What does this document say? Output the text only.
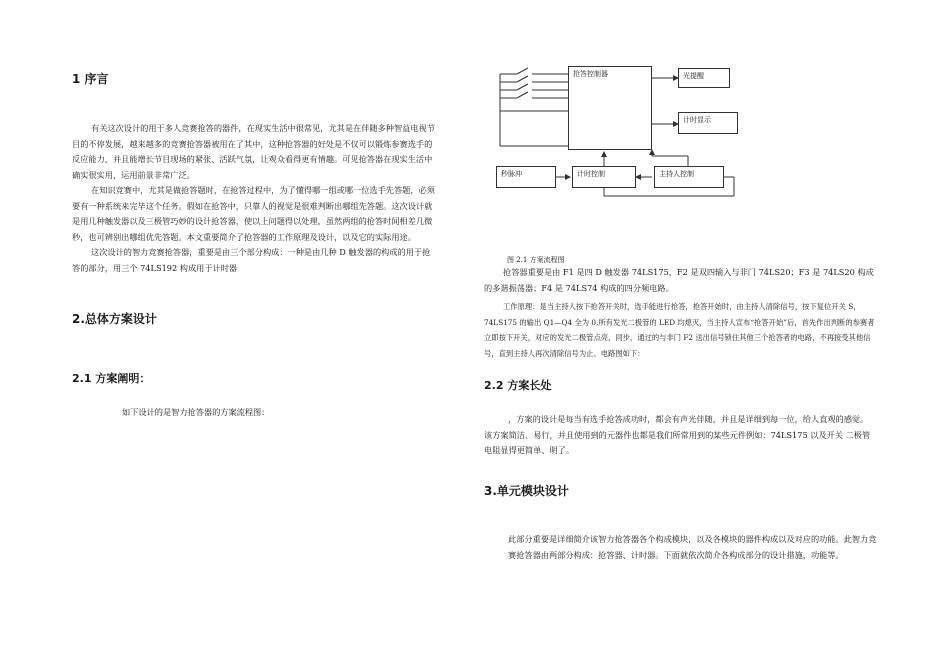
1 序言

有关这次设计的用于多人竞赛抢答的器件，在现实生活中很常见，尤其是在伴随多种智益电视节目的不停发展，越来越多的竞赛抢答器被用在了其中，这种抢答器的好处是不仅可以锻炼参赛选手的反应能力，并且能增长节目现场的紧张、活跃气氛，让观众看得更有情趣。可见抢答器在现实生活中确实很实用，运用前景非常广泛。

在知识竞赛中，尤其是做抢答题时，在抢答过程中，为了懂得哪一组或哪一位选手先答题，必须要有一种系统来完毕这个任务。假如在抢答中，只靠人的视觉是很难判断出哪组先答题。这次设计就是用几种触发器以及三极管巧妙的设计抢答器，使以上问题得以处理，虽然两组的抢答时间相差几微秒，也可辨别出哪组优先答题。本文重要简介了抢答器的工作原理及设计，以及它的实际用途。

这次设计的智力竞赛抢答器，重要是由三个部分构成：一种是由几种 D 触发器的构成的用于抢答的部分，用三个 74LS192 构成用于计时器

2.总体方案设计
2.1 方案阐明：
如下设计的是智力抢答器的方案流程图：
抢答控制器	光提醒
计时显示
秒脉冲	计时控制	主持人控制
图 2.1 方案流程图

抢答器重要是由 F1 是四 D 触发器 74LS175，F2 是双四输入与非门 74LS20；F3 是 74LS20 构成的多谐振荡器；F4 是 74LS74 构成的四分频电路。

工作原理：是当主持人按下抢答开关时，选手能进行抢答，抢答开始时，由主持人清除信号，按下复位开关 S，74LS175 的输出 Q1—Q4 全为 0,所有发光二极管的 LED 均熄灭，当主持人宣布“抢答开始”后，首先作出判断的参赛者立即按下开关，对应的发光二极管点亮，同步，通过的与非门 F2 送出信号锁住其他三个抢答者的电路，不再接受其他信号，直到主持人再次清除信号为止。电路图如下：

2.2 方案长处

，方案的设计是每当有选手抢答成功时，都会有声光伴随，并且是详细到每一位，给人直观的感觉。该方案简洁、易行，并且使用到的元器件也都是我们所常用到的某些元件例如：74LS175 以及开关 二极管 电阻显得更简单、明了。

3.单元模块设计

此部分重要是详细简介该智力抢答器各个构成模块，以及各模块的器件构成以及对应的功能。此智力竞赛抢答器由两部分构成：抢答器、计时器。下面就依次简介各构成部分的设计措施，功能等。
